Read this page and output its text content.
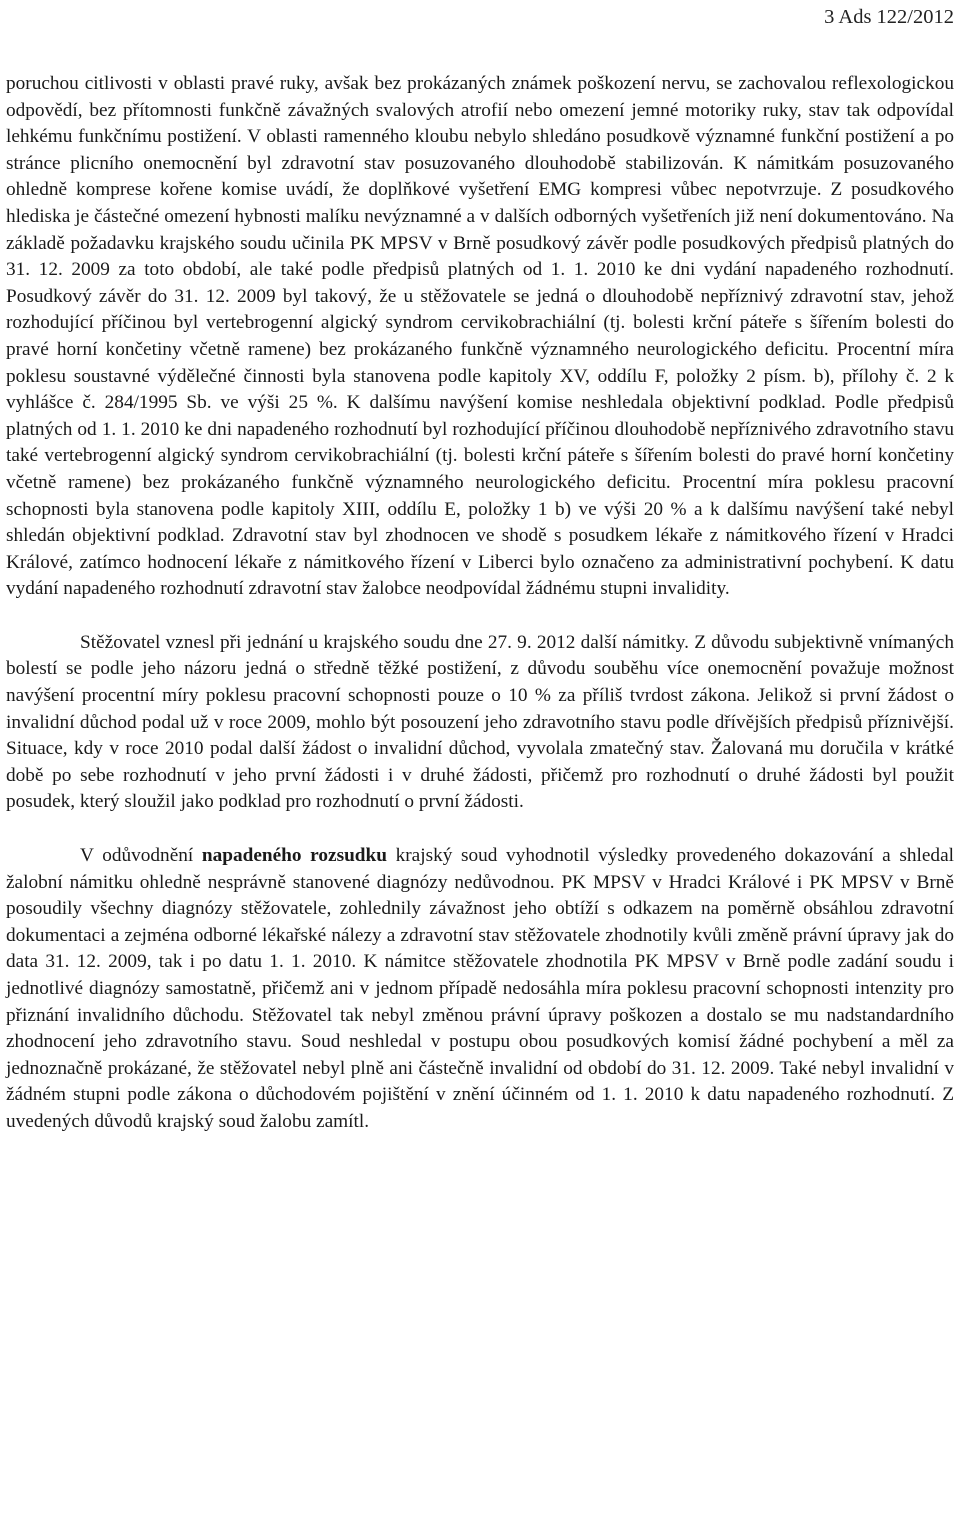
3 Ads 122/2012

poruchou citlivosti v oblasti pravé ruky, avšak bez prokázaných známek poškození nervu, se zachovalou reflexologickou odpovědí, bez přítomnosti funkčně závažných svalových atrofií nebo omezení jemné motoriky ruky, stav tak odpovídal lehkému funkčnímu postižení. V oblasti ramenného kloubu nebylo shledáno posudkově významné funkční postižení a po stránce plicního onemocnění byl zdravotní stav posuzovaného dlouhodobě stabilizován. K námitkám posuzovaného ohledně komprese kořene komise uvádí, že doplňkové vyšetření EMG kompresi vůbec nepotvrzuje. Z posudkového hlediska je částečné omezení hybnosti malíku nevýznamné a v dalších odborných vyšetřeních již není dokumentováno. Na základě požadavku krajského soudu učinila PK MPSV v Brně posudkový závěr podle posudkových předpisů platných do 31. 12. 2009 za toto období, ale také podle předpisů platných od 1. 1. 2010 ke dni vydání napadeného rozhodnutí. Posudkový závěr do 31. 12. 2009 byl takový, že u stěžovatele se jedná o dlouhodobě nepříznivý zdravotní stav, jehož rozhodující příčinou byl vertebrogenní algický syndrom cervikobrachiální (tj. bolesti krční páteře s šířením bolesti do pravé horní končetiny včetně ramene) bez prokázaného funkčně významného neurologického deficitu. Procentní míra poklesu soustavné výdělečné činnosti byla stanovena podle kapitoly XV, oddílu F, položky 2 písm. b), přílohy č. 2 k vyhlášce č. 284/1995 Sb. ve výši 25 %. K dalšímu navýšení komise neshledala objektivní podklad. Podle předpisů platných od 1. 1. 2010 ke dni napadeného rozhodnutí byl rozhodující příčinou dlouhodobě nepříznivého zdravotního stavu také vertebrogenní algický syndrom cervikobrachiální (tj. bolesti krční páteře s šířením bolesti do pravé horní končetiny včetně ramene) bez prokázaného funkčně významného neurologického deficitu. Procentní míra poklesu pracovní schopnosti byla stanovena podle kapitoly XIII, oddílu E, položky 1 b) ve výši 20 % a k dalšímu navýšení také nebyl shledán objektivní podklad. Zdravotní stav byl zhodnocen ve shodě s posudkem lékaře z námitkového řízení v Hradci Králové, zatímco hodnocení lékaře z námitkového řízení v Liberci bylo označeno za administrativní pochybení. K datu vydání napadeného rozhodnutí zdravotní stav žalobce neodpovídal žádnému stupni invalidity.

Stěžovatel vznesl při jednání u krajského soudu dne 27. 9. 2012 další námitky. Z důvodu subjektivně vnímaných bolestí se podle jeho názoru jedná o středně těžké postižení, z důvodu souběhu více onemocnění považuje možnost navýšení procentní míry poklesu pracovní schopnosti pouze o 10 % za příliš tvrdost zákona. Jelikož si první žádost o invalidní důchod podal už v roce 2009, mohlo být posouzení jeho zdravotního stavu podle dřívějších předpisů příznivější. Situace, kdy v roce 2010 podal další žádost o invalidní důchod, vyvolala zmatečný stav. Žalovaná mu doručila v krátké době po sebe rozhodnutí v jeho první žádosti i v druhé žádosti, přičemž pro rozhodnutí o druhé žádosti byl použit posudek, který sloužil jako podklad pro rozhodnutí o první žádosti.

V odůvodnění napadeného rozsudku krajský soud vyhodnotil výsledky provedeného dokazování a shledal žalobní námitku ohledně nesprávně stanovené diagnózy nedůvodnou. PK MPSV v Hradci Králové i PK MPSV v Brně posoudily všechny diagnózy stěžovatele, zohlednily závažnost jeho obtíží s odkazem na poměrně obsáhlou zdravotní dokumentaci a zejména odborné lékařské nálezy a zdravotní stav stěžovatele zhodnotily kvůli změně právní úpravy jak do data 31. 12. 2009, tak i po datu 1. 1. 2010. K námitce stěžovatele zhodnotila PK MPSV v Brně podle zadání soudu i jednotlivé diagnózy samostatně, přičemž ani v jednom případě nedosáhla míra poklesu pracovní schopnosti intenzity pro přiznání invalidního důchodu. Stěžovatel tak nebyl změnou právní úpravy poškozen a dostalo se mu nadstandardního zhodnocení jeho zdravotního stavu. Soud neshledal v postupu obou posudkových komisí žádné pochybení a měl za jednoznačně prokázané, že stěžovatel nebyl plně ani částečně invalidní od období do 31. 12. 2009. Také nebyl invalidní v žádném stupni podle zákona o důchodovém pojištění v znění účinném od 1. 1. 2010 k datu napadeného rozhodnutí. Z uvedených důvodů krajský soud žalobu zamítl.
